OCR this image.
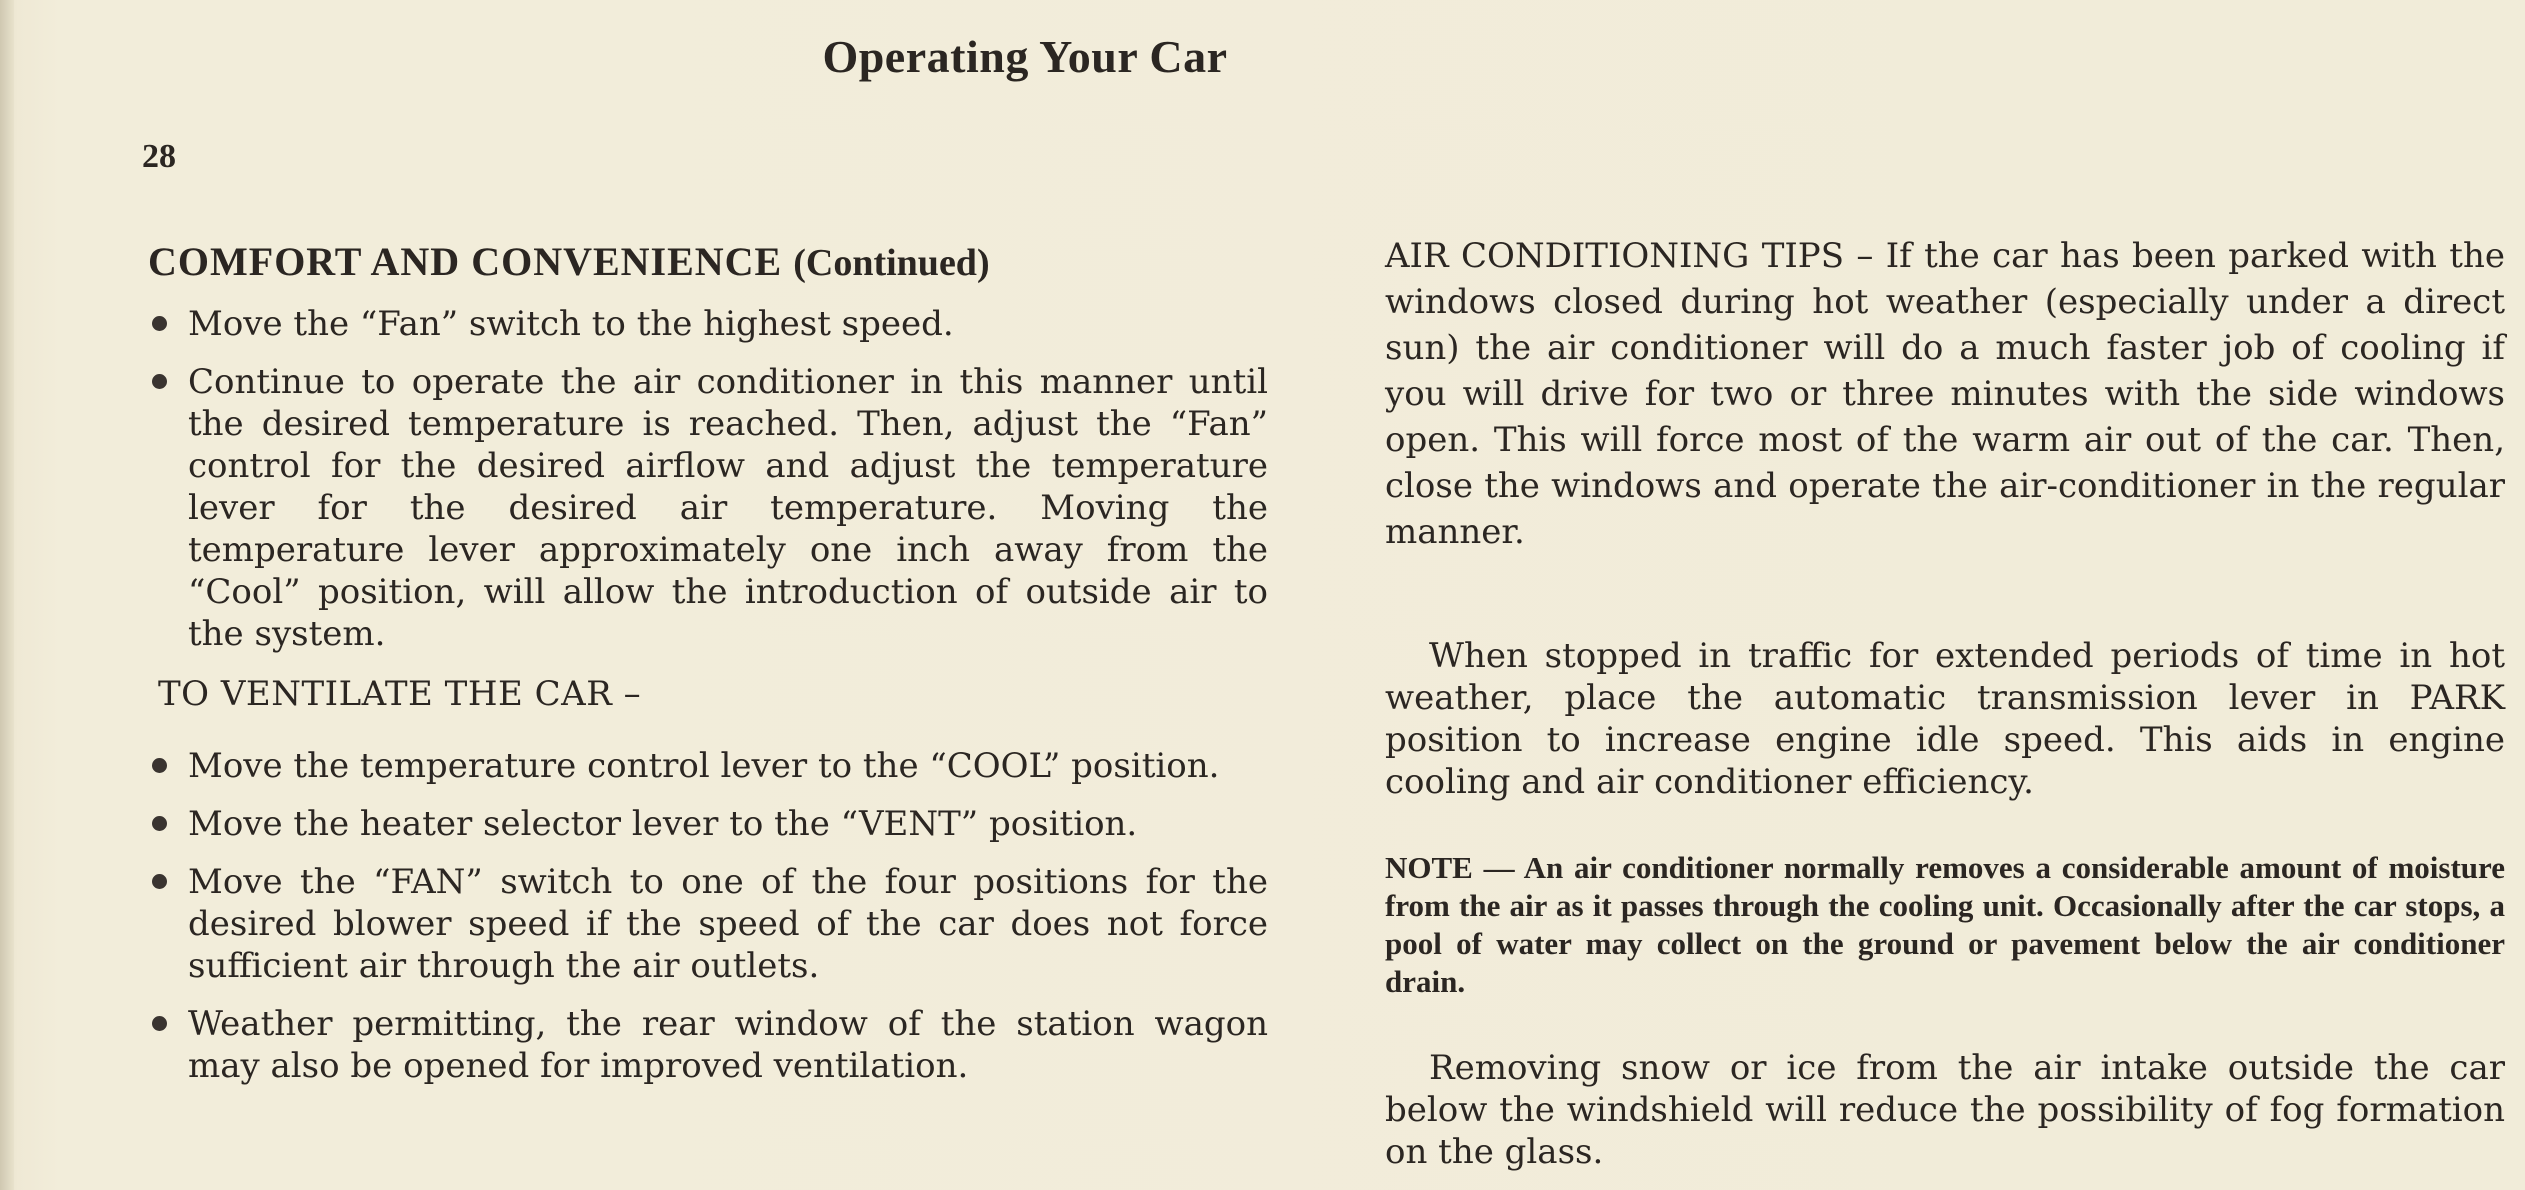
Operating Your Car
28
COMFORT AND CONVENIENCE (Continued)
Move the “Fan” switch to the highest speed.
Continue to operate the air conditioner in this manner until the desired temperature is reached. Then, adjust the “Fan” control for the desired airflow and adjust the temperature lever for the desired air temperature. Moving the temperature lever approximately one inch away from the “Cool” position, will allow the introduction of outside air to the system.
TO VENTILATE THE CAR –
Move the temperature control lever to the “COOL” position.
Move the heater selector lever to the “VENT” position.
Move the “FAN” switch to one of the four positions for the desired blower speed if the speed of the car does not force sufficient air through the air outlets.
Weather permitting, the rear window of the station wagon may also be opened for improved ventilation.

AIR CONDITIONING TIPS – If the car has been parked with the windows closed during hot weather (especially under a direct sun) the air conditioner will do a much faster job of cooling if you will drive for two or three minutes with the side windows open. This will force most of the warm air out of the car. Then, close the windows and operate the air-conditioner in the regular manner.

When stopped in traffic for extended periods of time in hot weather, place the automatic transmission lever in PARK position to increase engine idle speed. This aids in engine cooling and air conditioner efficiency.

NOTE — An air conditioner normally removes a considerable amount of moisture from the air as it passes through the cooling unit. Occasionally after the car stops, a pool of water may collect on the ground or pavement below the air conditioner drain.

Removing snow or ice from the air intake outside the car below the windshield will reduce the possibility of fog formation on the glass.
